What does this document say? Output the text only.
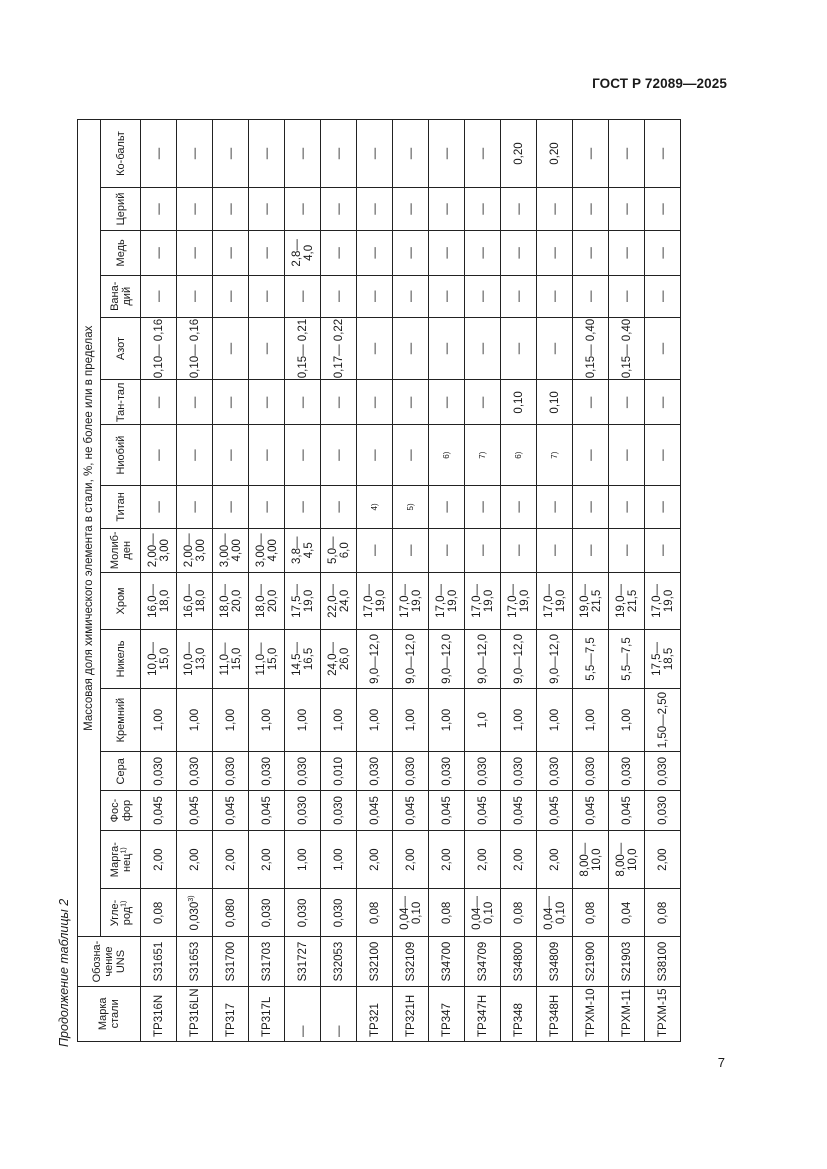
ГОСТ Р 72089—2025
Продолжение таблицы 2 Марка стали	Обозна-чение UNS	Массовая доля химического элемента в стали, %, не более или в пределах															
		Угле-род$^{1)}$	Марга-нец$^{1)}$	Фос-фор	Сера	Кремний	Никель	Хром	Молиб-ден	Титан	Ниобий	Тан-тал	Азот	Вана-дий	Медь	Церий	Ко-бальт
TP316N	S31651	0,08	2,00	0,045	0,030	1,00	10,0— 15,0	16,0— 18,0	2,00— 3,00	—	—	—	0,10— 0,16	—	—	—	—
TP316LN	S31653	0,030$^{3)}$	2,00	0,045	0,030	1,00	10,0— 13,0	16,0— 18,0	2,00— 3,00	—	—	—	0,10— 0,16	—	—	—	—
TP317	S31700	0,080	2,00	0,045	0,030	1,00	11,0— 15,0	18,0— 20,0	3,00— 4,00	—	—	—	—	—	—	—	—
TP317L	S31703	0,030	2,00	0,045	0,030	1,00	11,0— 15,0	18,0— 20,0	3,00— 4,00	—	—	—	—	—	—	—	—
—	S31727	0,030	1,00	0,030	0,030	1,00	14,5— 16,5	17,5— 19,0	3,8— 4,5	—	—	—	0,15— 0,21	—	2,8— 4,0	—	—
—	S32053	0,030	1,00	0,030	0,010	1,00	24,0— 26,0	22,0— 24,0	5,0— 6,0	—	—	—	0,17— 0,22	—	—	—	—
TP321	S32100	0,08	2,00	0,045	0,030	1,00	9,0—12,0	17,0— 19,0	—	4)	—	—	—	—	—	—	—
TP321H	S32109	0,04— 0,10	2,00	0,045	0,030	1,00	9,0—12,0	17,0— 19,0	—	5)	—	—	—	—	—	—	—
TP347	S34700	0,08	2,00	0,045	0,030	1,00	9,0—12,0	17,0— 19,0	—	—	6)	—	—	—	—	—	—
TP347H	S34709	0,04— 0,10	2,00	0,045	0,030	1,0	9,0—12,0	17,0— 19,0	—	—	7)	—	—	—	—	—	—
TP348	S34800	0,08	2,00	0,045	0,030	1,00	9,0—12,0	17,0— 19,0	—	—	6)	0,10	—	—	—	—	0,20
TP348H	S34809	0,04— 0,10	2,00	0,045	0,030	1,00	9,0—12,0	17,0— 19,0	—	—	7)	0,10	—	—	—	—	0,20
TPXM-10	S21900	0,08	8,00— 10,0	0,045	0,030	1,00	5,5—7,5	19,0— 21,5	—	—	—	—	0,15— 0,40	—	—	—	—
TPXM-11	S21903	0,04	8,00— 10,0	0,045	0,030	1,00	5,5—7,5	19,0— 21,5	—	—	—	—	0,15— 0,40	—	—	—	—
TPXM-15	S38100	0,08	2,00	0,030	0,030	1,50—2,50	17,5— 18,5	17,0— 19,0	—	—	—	—	—	—	—	—	—
7
